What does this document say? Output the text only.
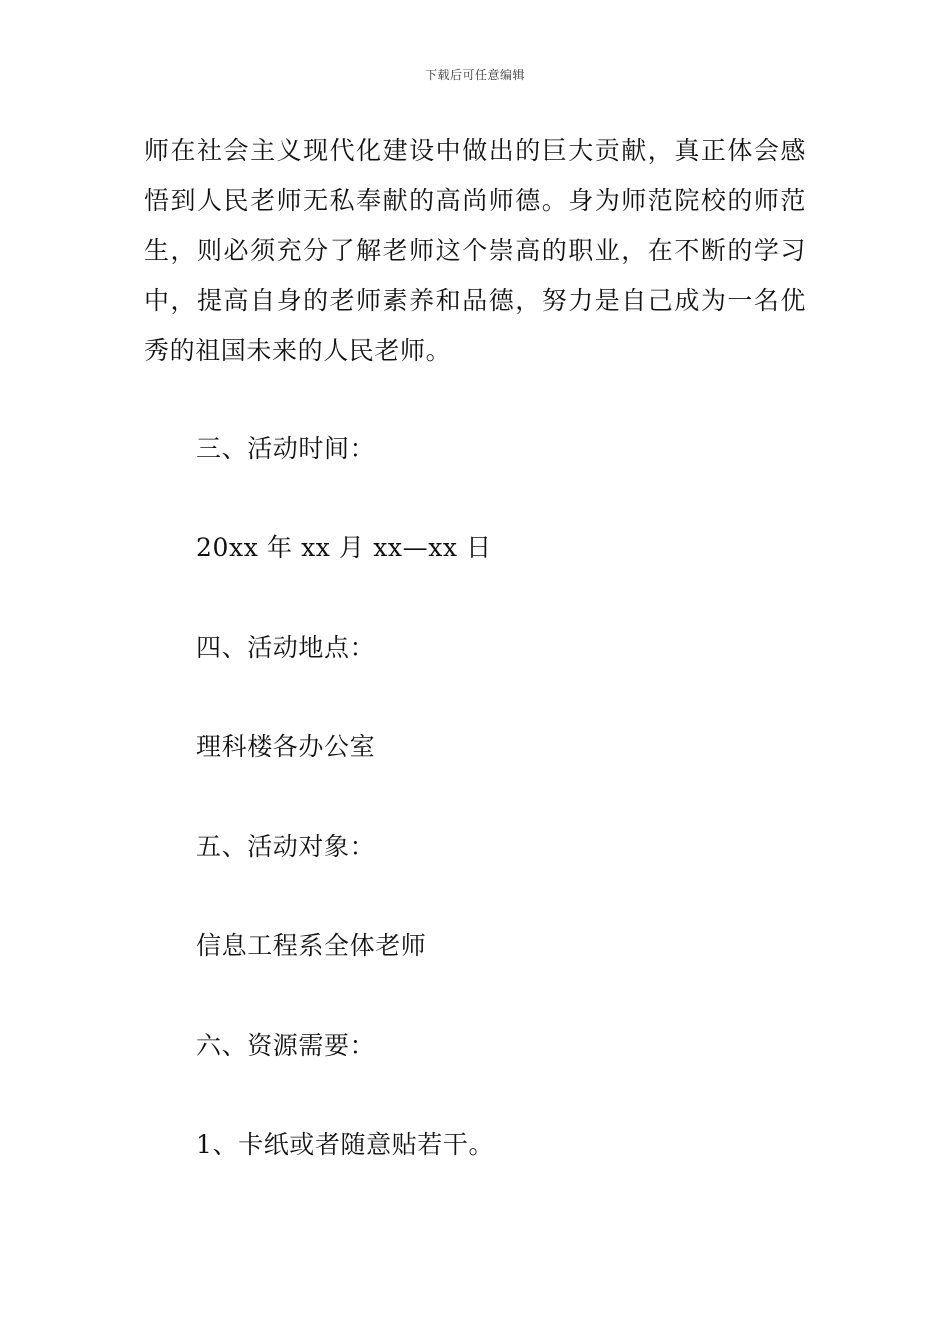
下载后可任意编辑

师在社会主义现代化建设中做出的巨大贡献，真正体会感悟到人民老师无私奉献的高尚师德。身为师范院校的师范生，则必须充分了解老师这个崇高的职业，在不断的学习中，提高自身的老师素养和品德，努力是自己成为一名优秀的祖国未来的人民老师。

三、活动时间：

20xx 年 xx 月 xx—xx 日

四、活动地点：

理科楼各办公室

五、活动对象：

信息工程系全体老师

六、资源需要：

1、卡纸或者随意贴若干。
